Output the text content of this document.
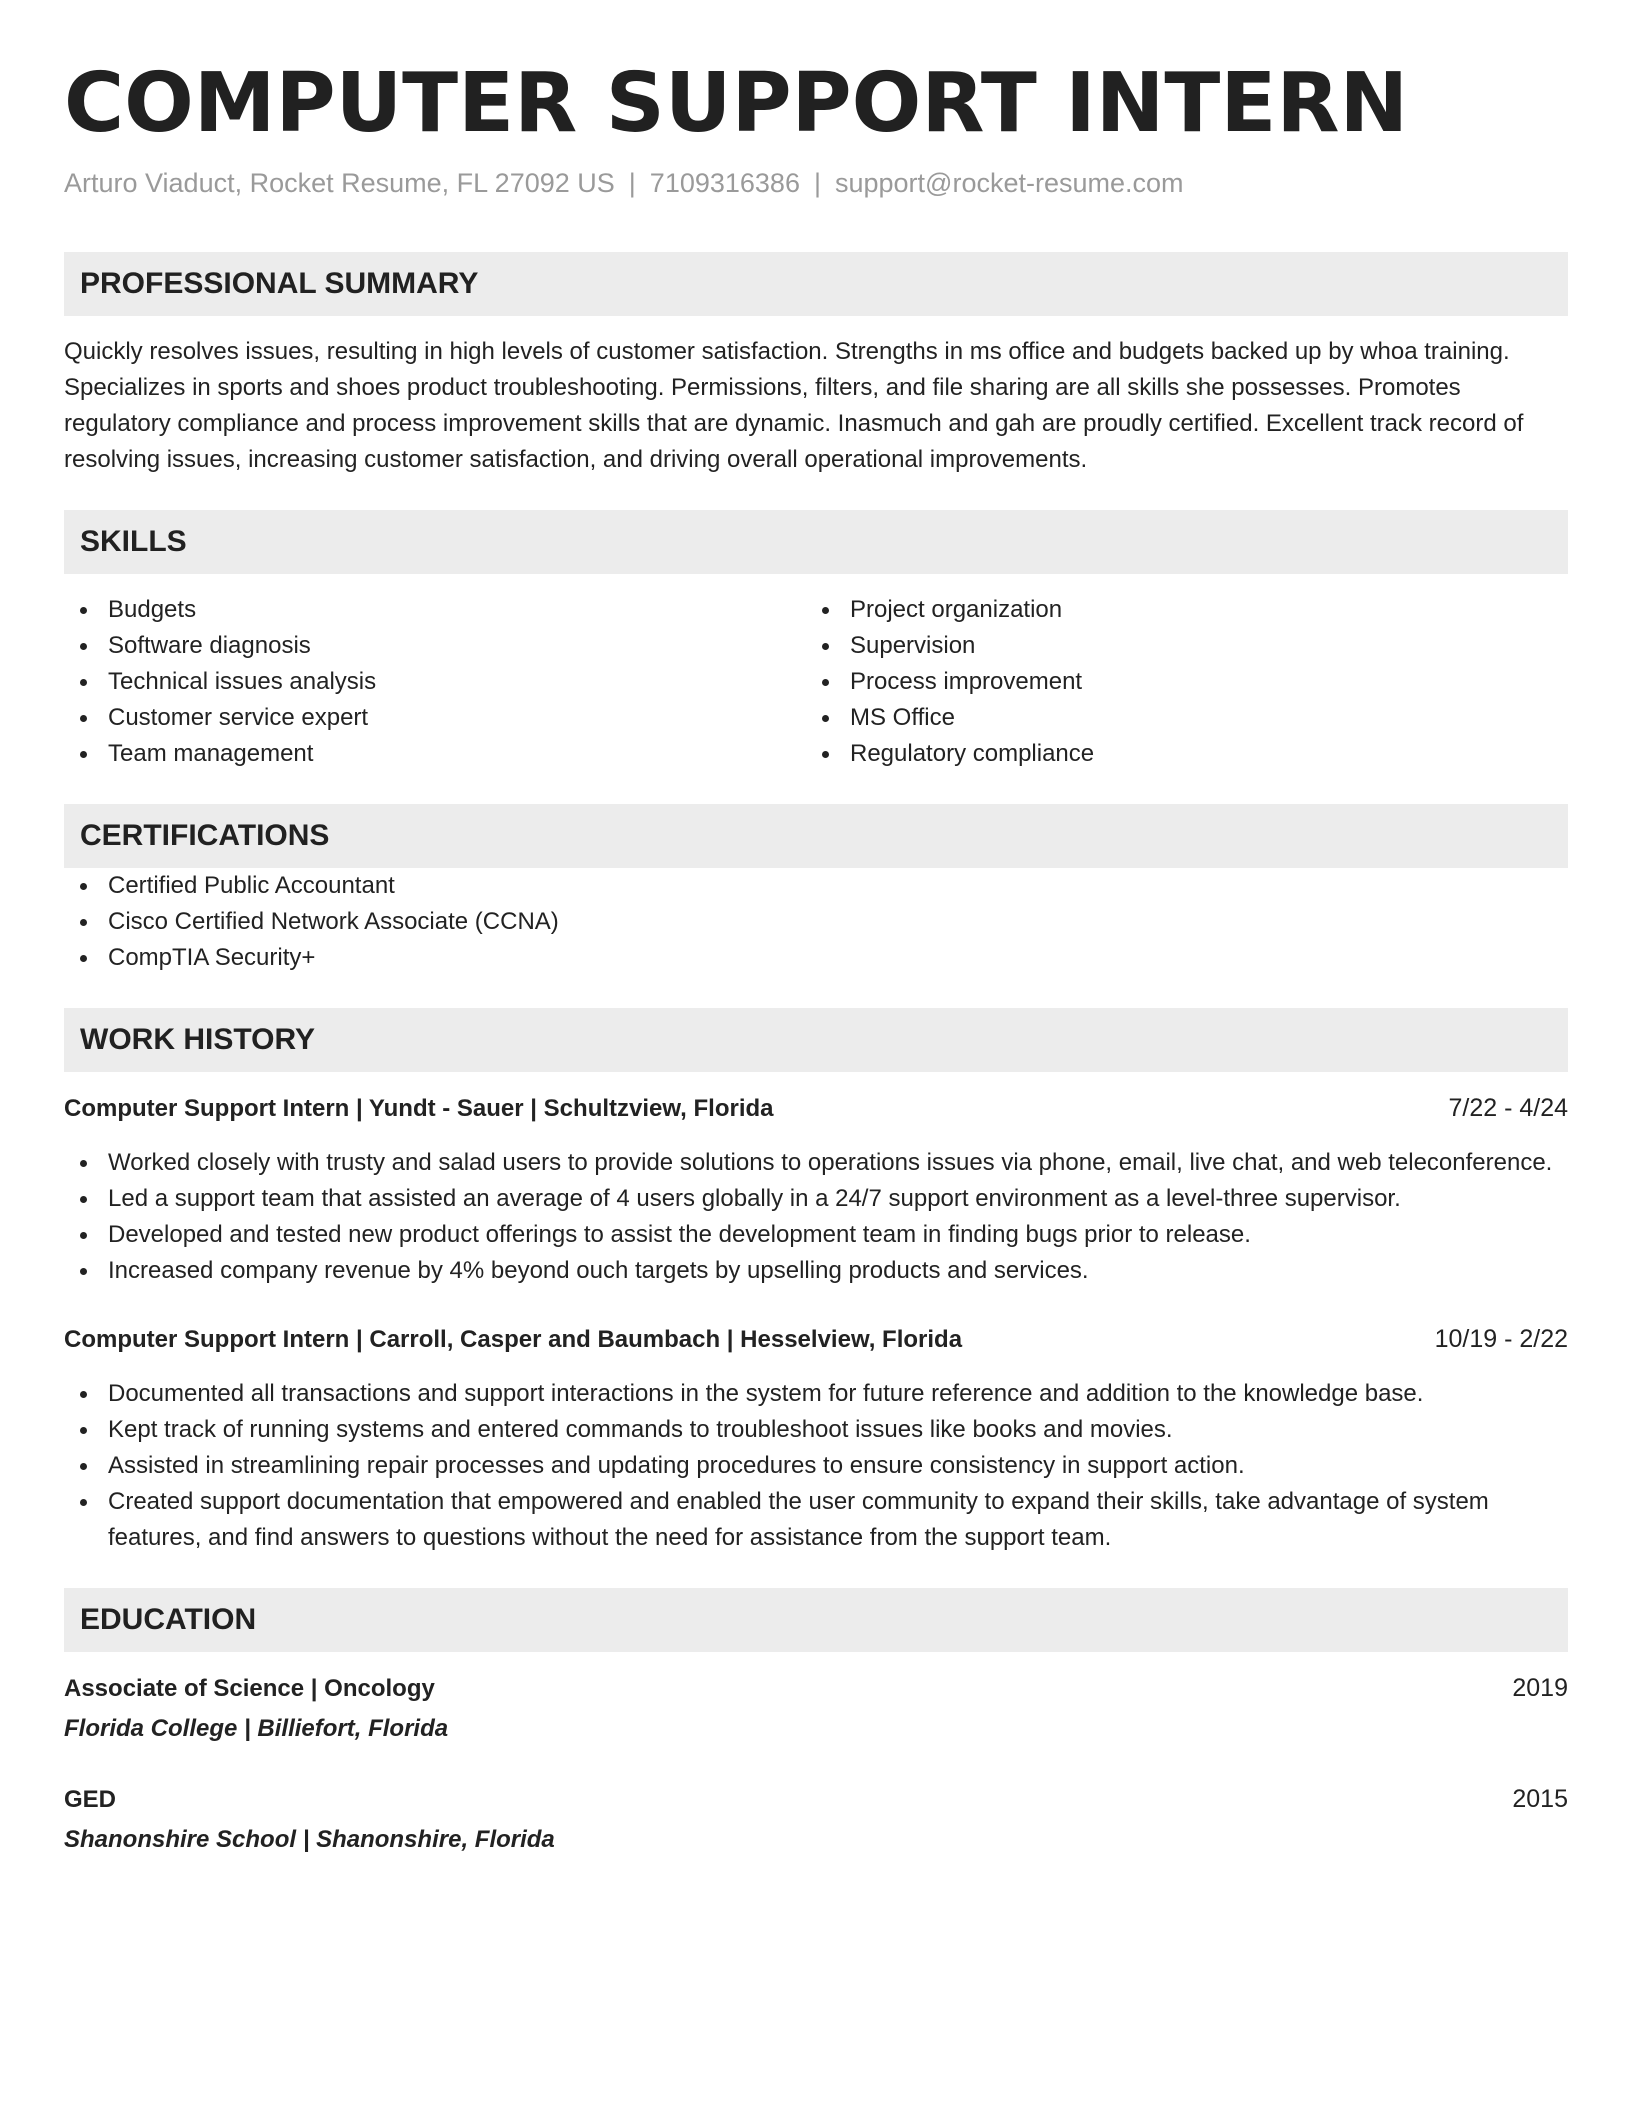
COMPUTER SUPPORT INTERN
Arturo Viaduct, Rocket Resume, FL 27092 US | 7109316386 | support@rocket-resume.com
PROFESSIONAL SUMMARY

Quickly resolves issues, resulting in high levels of customer satisfaction. Strengths in ms office and budgets backed up by whoa training. Specializes in sports and shoes product troubleshooting. Permissions, filters, and file sharing are all skills she possesses. Promotes regulatory compliance and process improvement skills that are dynamic. Inasmuch and gah are proudly certified. Excellent track record of resolving issues, increasing customer satisfaction, and driving overall operational improvements.

SKILLS
Budgets
Software diagnosis
Technical issues analysis
Customer service expert
Team management
Project organization
Supervision
Process improvement
MS Office
Regulatory compliance
CERTIFICATIONS
Certified Public Accountant
Cisco Certified Network Associate (CCNA)
CompTIA Security+
WORK HISTORY
Computer Support Intern | Yundt - Sauer | Schultzview, Florida	7/22 - 4/24
Worked closely with trusty and salad users to provide solutions to operations issues via phone, email, live chat, and web teleconference.
Led a support team that assisted an average of 4 users globally in a 24/7 support environment as a level-three supervisor.
Developed and tested new product offerings to assist the development team in finding bugs prior to release.
Increased company revenue by 4% beyond ouch targets by upselling products and services.
Computer Support Intern | Carroll, Casper and Baumbach | Hesselview, Florida	10/19 - 2/22
Documented all transactions and support interactions in the system for future reference and addition to the knowledge base.
Kept track of running systems and entered commands to troubleshoot issues like books and movies.
Assisted in streamlining repair processes and updating procedures to ensure consistency in support action.
Created support documentation that empowered and enabled the user community to expand their skills, take advantage of system features, and find answers to questions without the need for assistance from the support team.
EDUCATION
Associate of Science | Oncology	2019
Florida College | Billiefort, Florida
GED	2015
Shanonshire School | Shanonshire, Florida
